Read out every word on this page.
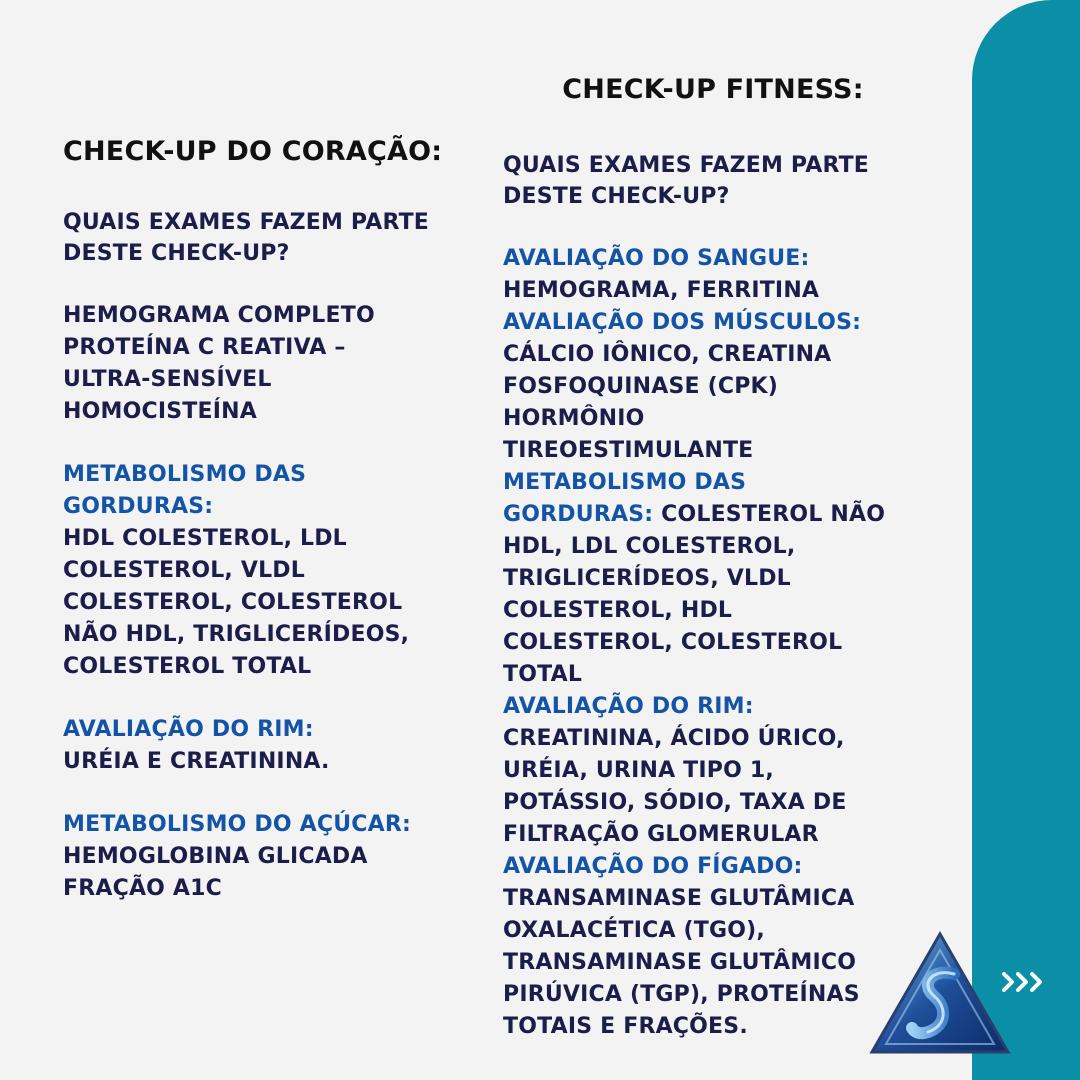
CHECK-UP DO CORAÇÃO:
QUAIS EXAMES FAZEM PARTE
DESTE CHECK-UP?
HEMOGRAMA COMPLETO
PROTEÍNA C REATIVA –
ULTRA-SENSÍVEL
HOMOCISTEÍNA
METABOLISMO DAS
GORDURAS:
HDL COLESTEROL, LDL
COLESTEROL, VLDL
COLESTEROL, COLESTEROL
NÃO HDL, TRIGLICERÍDEOS,
COLESTEROL TOTAL
AVALIAÇÃO DO RIM:
URÉIA E CREATININA.
METABOLISMO DO AÇÚCAR:
HEMOGLOBINA GLICADA
FRAÇÃO A1C
CHECK-UP FITNESS:
QUAIS EXAMES FAZEM PARTE
DESTE CHECK-UP?
AVALIAÇÃO DO SANGUE:
HEMOGRAMA, FERRITINA
AVALIAÇÃO DOS MÚSCULOS:
CÁLCIO IÔNICO, CREATINA
FOSFOQUINASE (CPK)
HORMÔNIO
TIREOESTIMULANTE
METABOLISMO DAS
GORDURAS: COLESTEROL NÃO
HDL, LDL COLESTEROL,
TRIGLICERÍDEOS, VLDL
COLESTEROL, HDL
COLESTEROL, COLESTEROL
TOTAL
AVALIAÇÃO DO RIM:
CREATININA, ÁCIDO ÚRICO,
URÉIA, URINA TIPO 1,
POTÁSSIO, SÓDIO, TAXA DE
FILTRAÇÃO GLOMERULAR
AVALIAÇÃO DO FÍGADO:
TRANSAMINASE GLUTÂMICA
OXALACÉTICA (TGO),
TRANSAMINASE GLUTÂMICO
PIRÚVICA (TGP), PROTEÍNAS
TOTAIS E FRAÇÕES.
